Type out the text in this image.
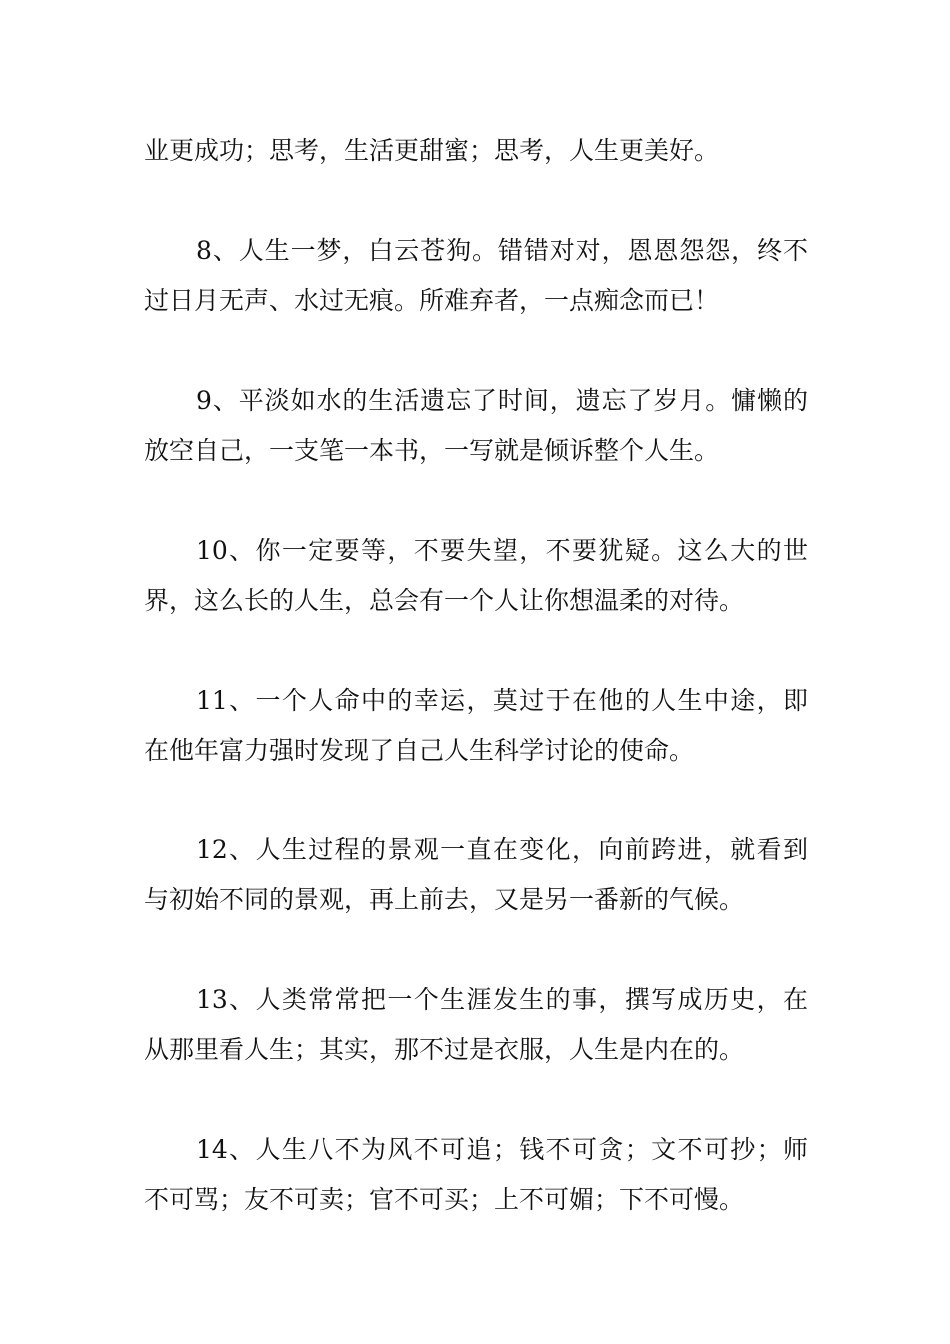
业更成功；思考，生活更甜蜜；思考，人生更美好。
8、人生一梦，白云苍狗。错错对对，恩恩怨怨，终不
过日月无声、水过无痕。所难弃者，一点痴念而已！
9、平淡如水的生活遗忘了时间，遗忘了岁月。慵懒的
放空自己，一支笔一本书，一写就是倾诉整个人生。
10、你一定要等，不要失望，不要犹疑。这么大的世
界，这么长的人生，总会有一个人让你想温柔的对待。
11、一个人命中的幸运，莫过于在他的人生中途，即
在他年富力强时发现了自己人生科学讨论的使命。
12、人生过程的景观一直在变化，向前跨进，就看到
与初始不同的景观，再上前去，又是另一番新的气候。
13、人类常常把一个生涯发生的事，撰写成历史，在
从那里看人生；其实，那不过是衣服，人生是内在的。
14、人生八不为风不可追；钱不可贪；文不可抄；师
不可骂；友不可卖；官不可买；上不可媚；下不可慢。
